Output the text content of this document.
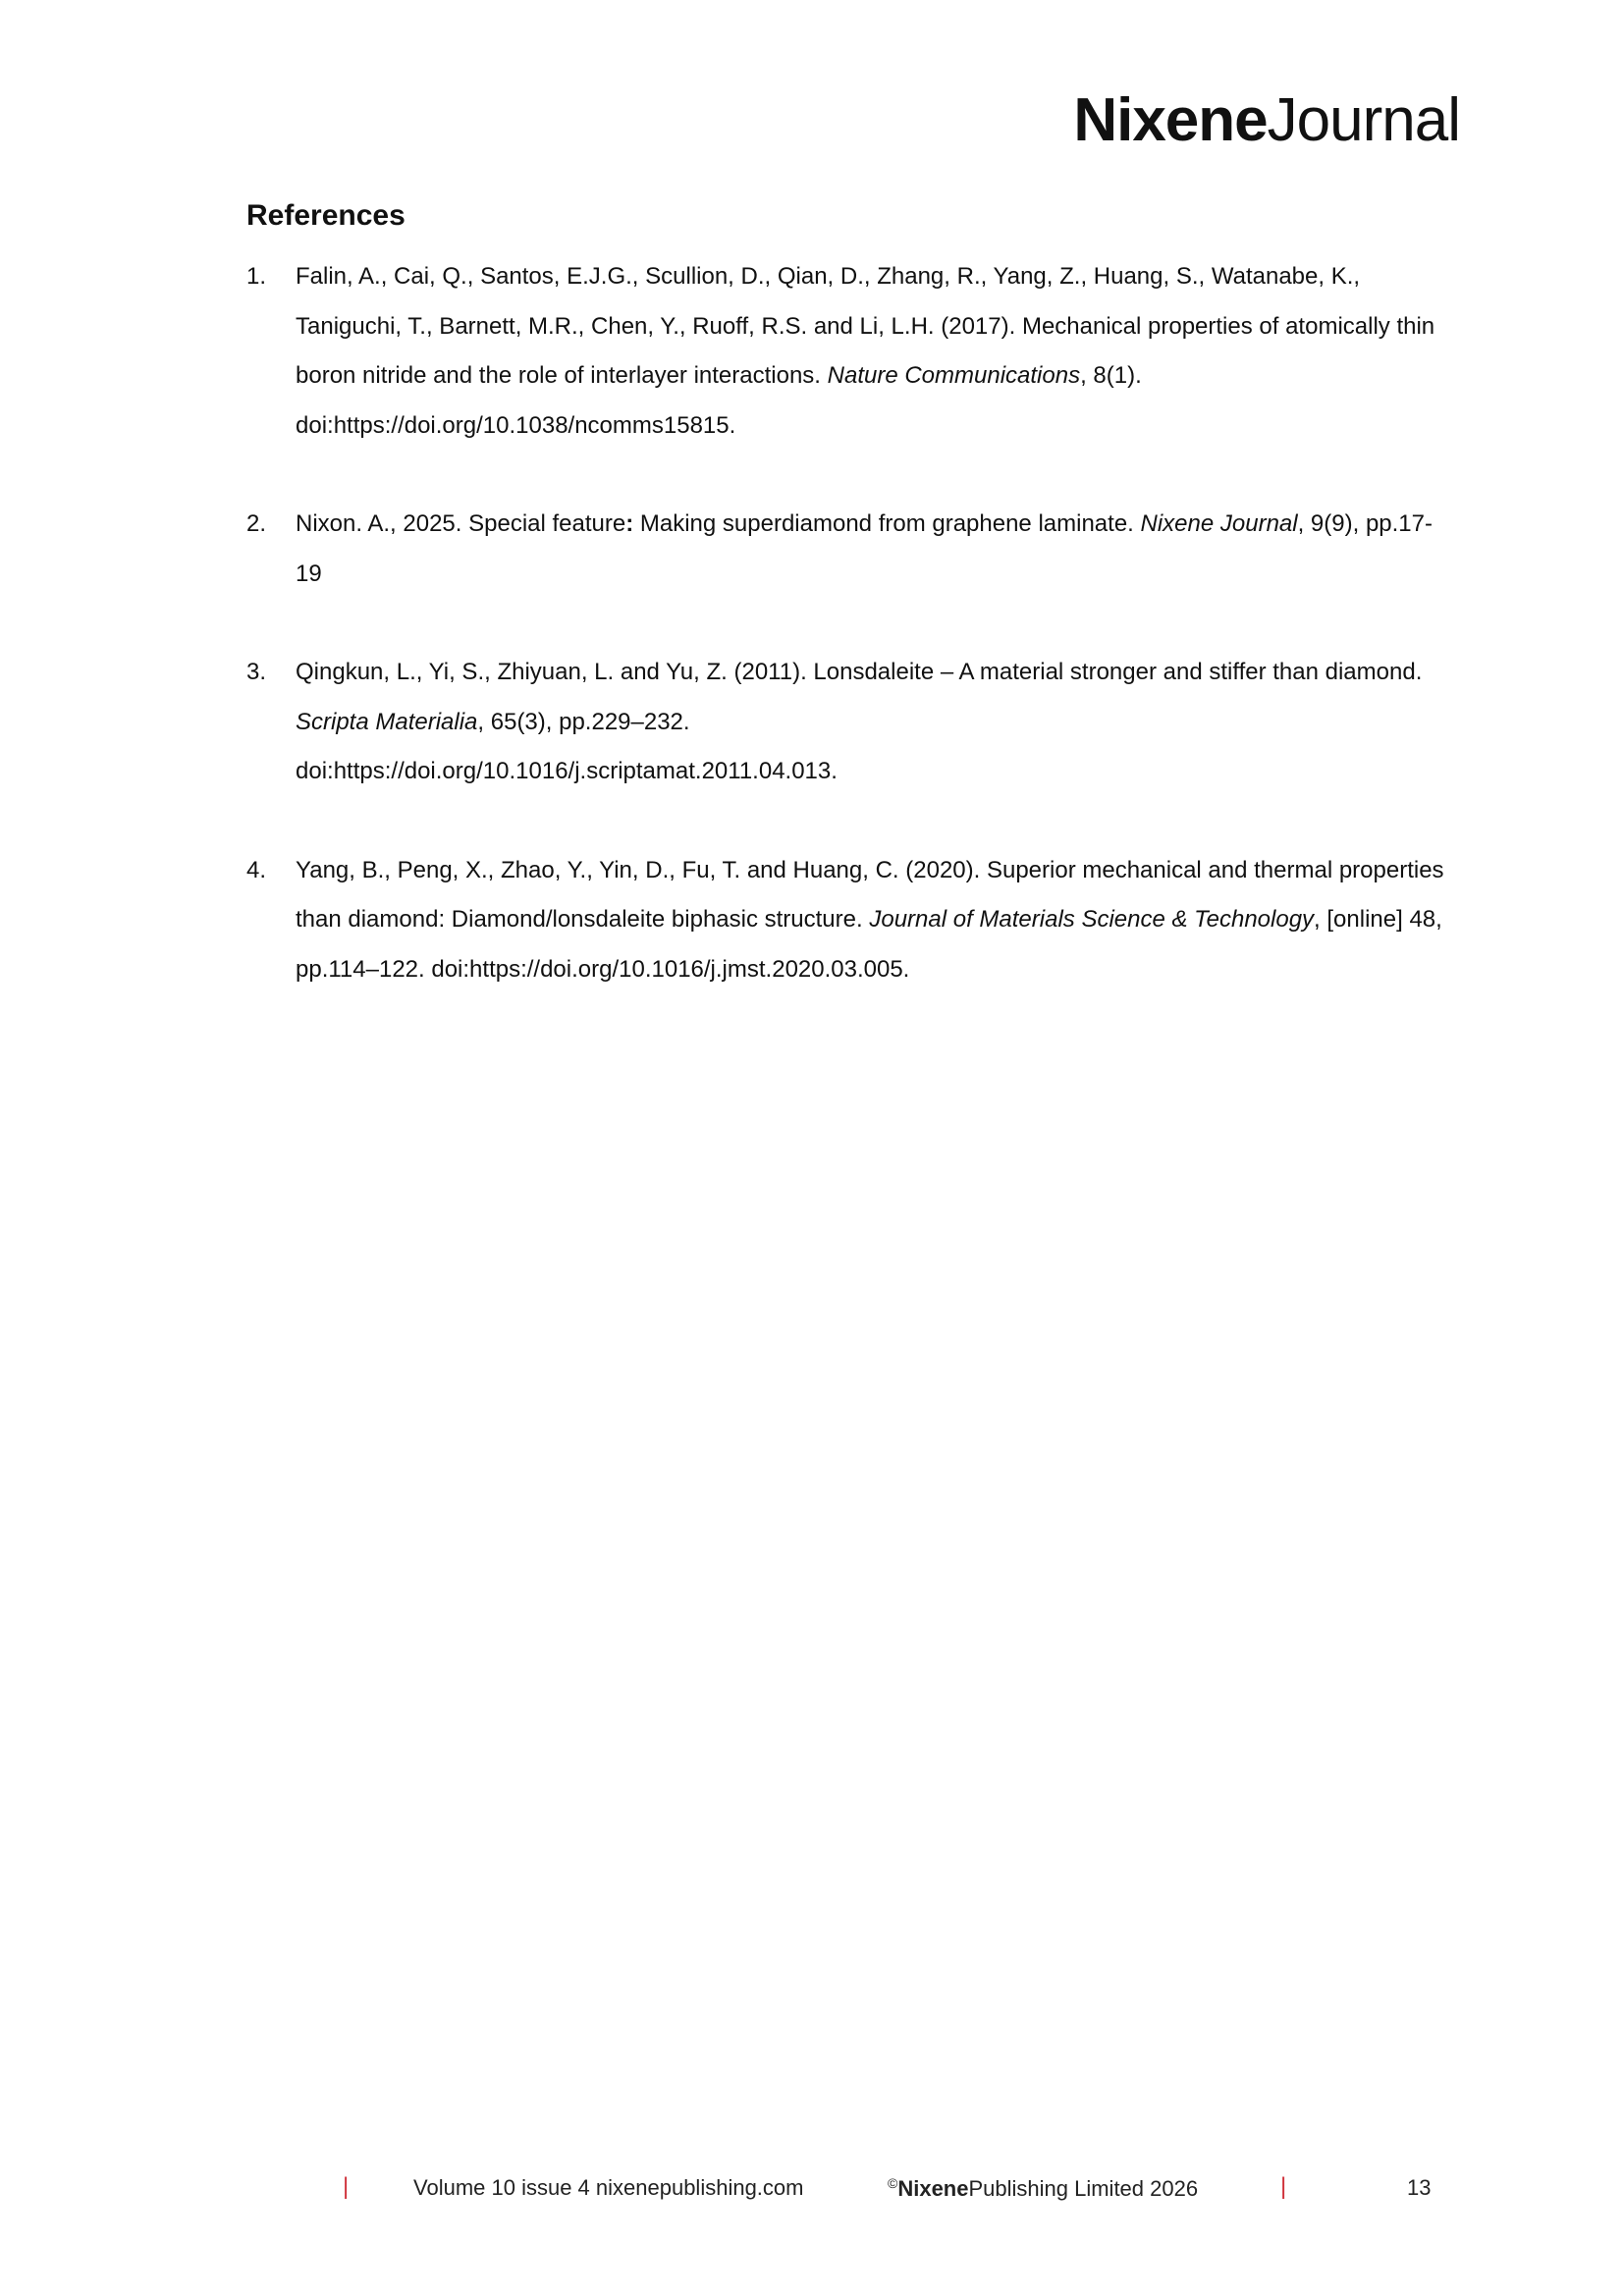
NixeneJournal
References
1. Falin, A., Cai, Q., Santos, E.J.G., Scullion, D., Qian, D., Zhang, R., Yang, Z., Huang, S., Watanabe, K., Taniguchi, T., Barnett, M.R., Chen, Y., Ruoff, R.S. and Li, L.H. (2017). Mechanical properties of atomically thin boron nitride and the role of interlayer interactions. Nature Communications, 8(1). doi:https://doi.org/10.1038/ncomms15815.
2. Nixon. A., 2025. Special feature: Making superdiamond from graphene laminate. Nixene Journal, 9(9), pp.17-19
3. Qingkun, L., Yi, S., Zhiyuan, L. and Yu, Z. (2011). Lonsdaleite – A material stronger and stiffer than diamond. Scripta Materialia, 65(3), pp.229–232.
doi:https://doi.org/10.1016/j.scriptamat.2011.04.013.
4. Yang, B., Peng, X., Zhao, Y., Yin, D., Fu, T. and Huang, C. (2020). Superior mechanical and thermal properties than diamond: Diamond/lonsdaleite biphasic structure. Journal of Materials Science & Technology, [online] 48, pp.114–122. doi:https://doi.org/10.1016/j.jmst.2020.03.005.
|	Volume 10 issue 4 nixenepublishing.com	©NixenePublishing Limited 2026	|	13
